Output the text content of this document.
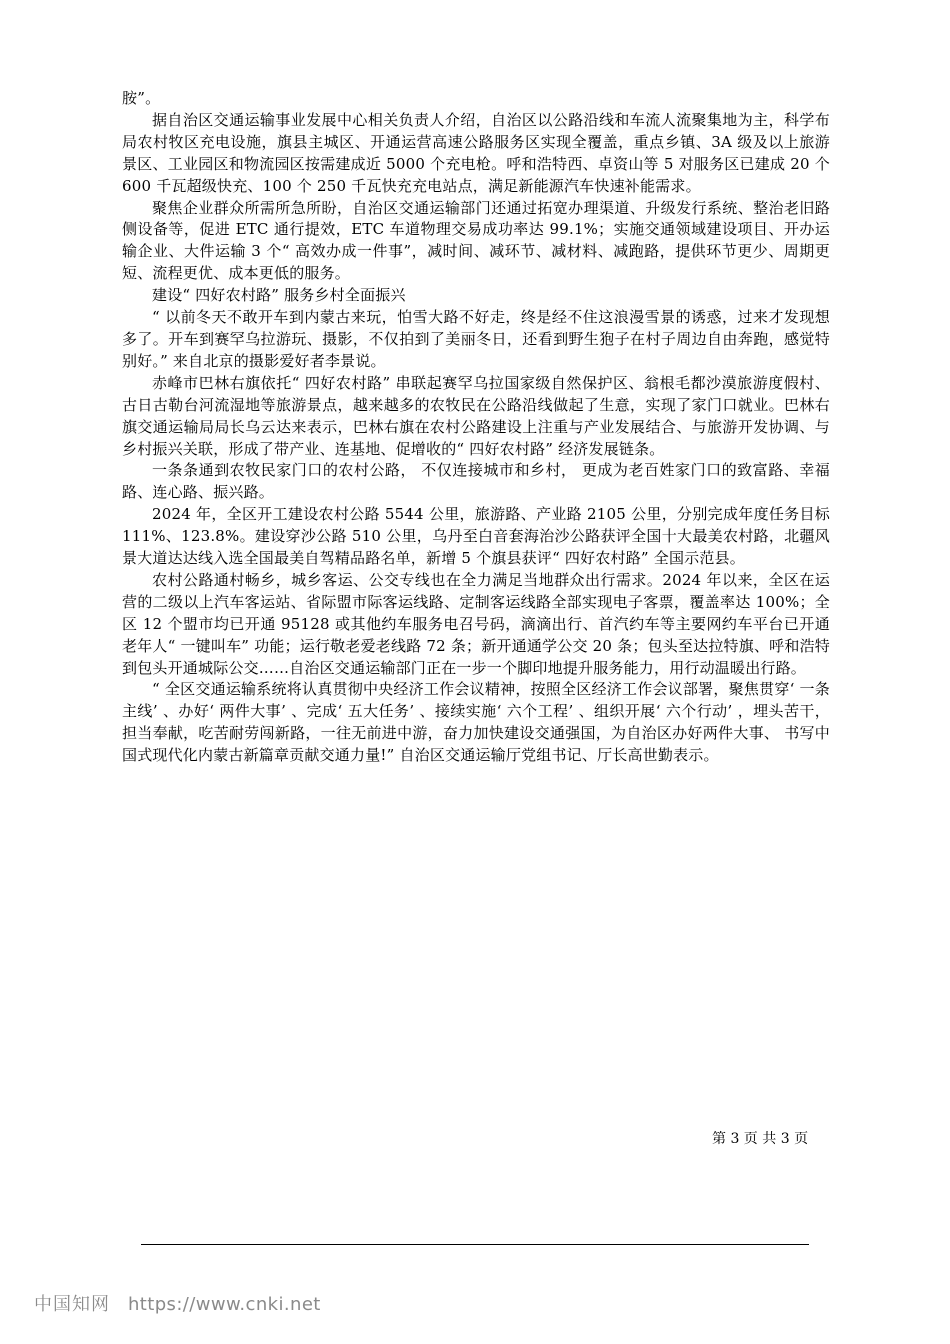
胺”。

据自治区交通运输事业发展中心相关负责人介绍，自治区以公路沿线和车流人流聚集地为主，科学布局农村牧区充电设施，旗县主城区、开通运营高速公路服务区实现全覆盖，重点乡镇、3A 级及以上旅游景区、工业园区和物流园区按需建成近 5000 个充电枪。呼和浩特西、卓资山等 5 对服务区已建成 20 个 600 千瓦超级快充、100 个 250 千瓦快充充电站点，满足新能源汽车快速补能需求。

聚焦企业群众所需所急所盼，自治区交通运输部门还通过拓宽办理渠道、升级发行系统、整治老旧路侧设备等，促进 ETC 通行提效，ETC 车道物理交易成功率达 99.1%；实施交通领域建设项目、开办运输企业、大件运输 3 个“ 高效办成一件事”，减时间、减环节、减材料、减跑路，提供环节更少、周期更短、流程更优、成本更低的服务。

建设“ 四好农村路” 服务乡村全面振兴

“ 以前冬天不敢开车到内蒙古来玩，怕雪大路不好走，终是经不住这浪漫雪景的诱惑，过来才发现想多了。开车到赛罕乌拉游玩、摄影，不仅拍到了美丽冬日，还看到野生狍子在村子周边自由奔跑，感觉特别好。” 来自北京的摄影爱好者李景说。

赤峰市巴林右旗依托“ 四好农村路” 串联起赛罕乌拉国家级自然保护区、翁根毛都沙漠旅游度假村、古日古勒台河流湿地等旅游景点，越来越多的农牧民在公路沿线做起了生意，实现了家门口就业。巴林右旗交通运输局局长乌云达来表示，巴林右旗在农村公路建设上注重与产业发展结合、与旅游开发协调、与乡村振兴关联，形成了带产业、连基地、促增收的“ 四好农村路” 经济发展链条。

一条条通到农牧民家门口的农村公路， 不仅连接城市和乡村， 更成为老百姓家门口的致富路、幸福路、连心路、振兴路。

2024 年，全区开工建设农村公路 5544 公里，旅游路、产业路 2105 公里，分别完成年度任务目标 111%、123.8%。建设穿沙公路 510 公里，乌丹至白音套海治沙公路获评全国十大最美农村路，北疆风景大道达达线入选全国最美自驾精品路名单，新增 5 个旗县获评“ 四好农村路” 全国示范县。

农村公路通村畅乡，城乡客运、公交专线也在全力满足当地群众出行需求。2024 年以来，全区在运营的二级以上汽车客运站、省际盟市际客运线路、定制客运线路全部实现电子客票，覆盖率达 100%；全区 12 个盟市均已开通 95128 或其他约车服务电召号码，滴滴出行、首汽约车等主要网约车平台已开通老年人“ 一键叫车” 功能；运行敬老爱老线路 72 条；新开通通学公交 20 条；包头至达拉特旗、呼和浩特到包头开通城际公交……自治区交通运输部门正在一步一个脚印地提升服务能力，用行动温暖出行路。

“ 全区交通运输系统将认真贯彻中央经济工作会议精神，按照全区经济工作会议部署，聚焦贯穿‘ 一条主线’ 、办好‘ 两件大事’ 、完成‘ 五大任务’ 、接续实施‘ 六个工程’ 、组织开展‘ 六个行动’ ，埋头苦干，担当奉献，吃苦耐劳闯新路，一往无前进中游，奋力加快建设交通强国，为自治区办好两件大事、 书写中国式现代化内蒙古新篇章贡献交通力量!” 自治区交通运输厅党组书记、厅长高世勤表示。

第 3 页 共 3 页
中国知网 https://www.cnki.net
